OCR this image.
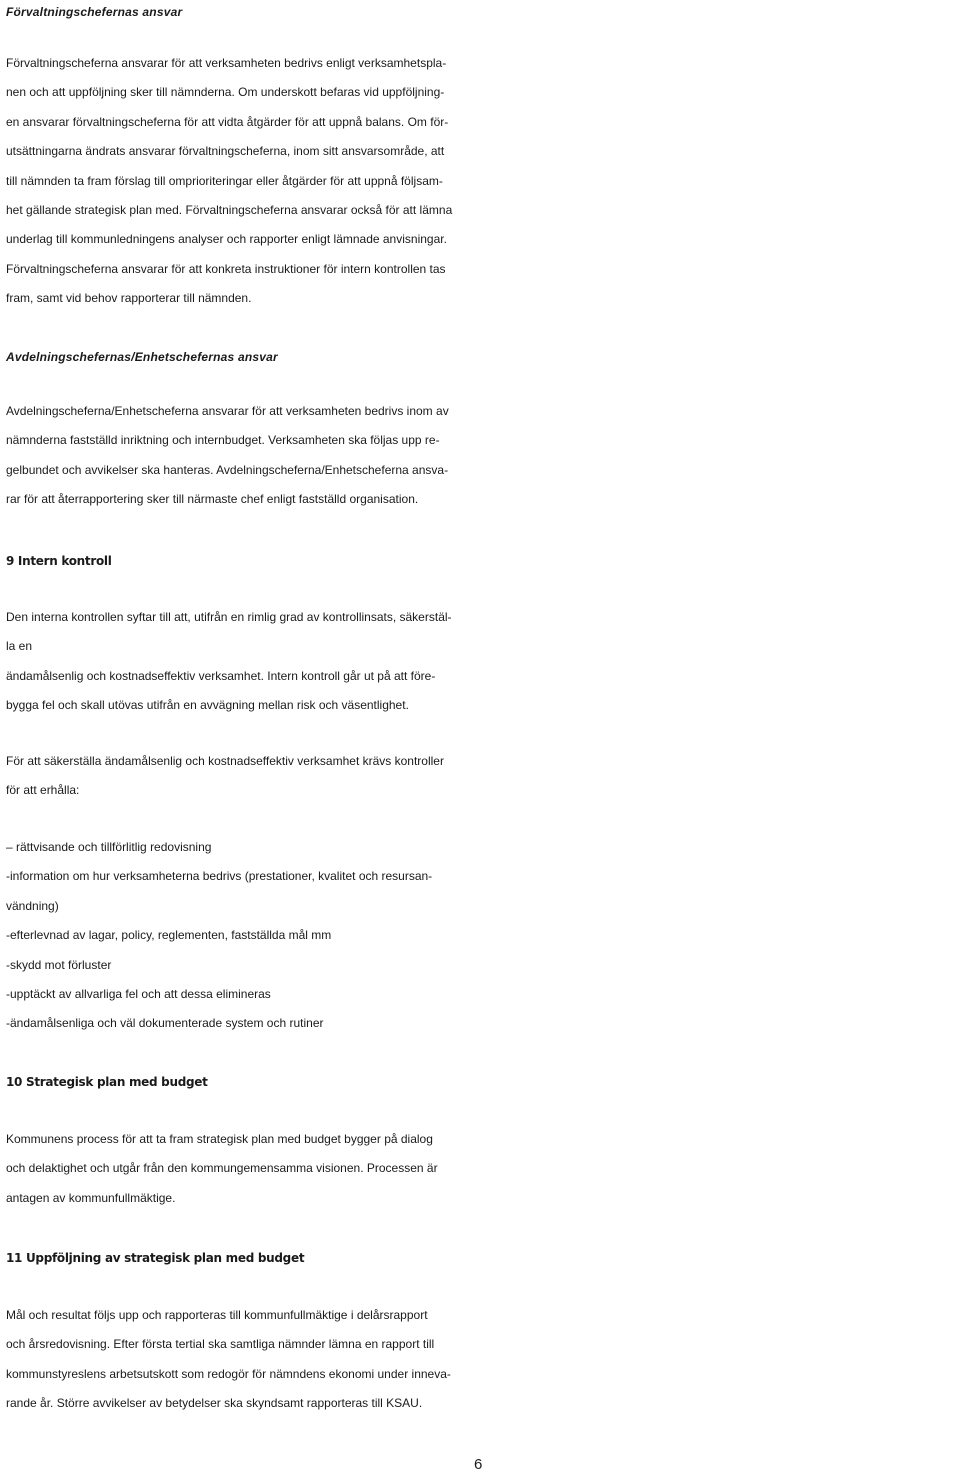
Förvaltningschefernas ansvar
Förvaltningscheferna ansvarar för att verksamheten bedrivs enligt verksamhetspla-
nen och att uppföljning sker till nämnderna. Om underskott befaras vid uppföljning-
en ansvarar förvaltningscheferna för att vidta åtgärder för att uppnå balans. Om för-
utsättningarna ändrats ansvarar förvaltningscheferna, inom sitt ansvarsområde, att
till nämnden ta fram förslag till omprioriteringar eller åtgärder för att uppnå följsam-
het gällande strategisk plan med. Förvaltningscheferna ansvarar också för att lämna
underlag till kommunledningens analyser och rapporter enligt lämnade anvisningar.
Förvaltningscheferna ansvarar för att konkreta instruktioner för intern kontrollen tas
fram, samt vid behov rapporterar till nämnden.
Avdelningschefernas/Enhetschefernas ansvar
Avdelningscheferna/Enhetscheferna ansvarar för att verksamheten bedrivs inom av
nämnderna fastställd inriktning och internbudget. Verksamheten ska följas upp re-
gelbundet och avvikelser ska hanteras. Avdelningscheferna/Enhetscheferna ansva-
rar för att återrapportering sker till närmaste chef enligt fastställd organisation.
9 Intern kontroll
Den interna kontrollen syftar till att, utifrån en rimlig grad av kontrollinsats, säkerstäl-
la en
ändamålsenlig och kostnadseffektiv verksamhet. Intern kontroll går ut på att före-
bygga fel och skall utövas utifrån en avvägning mellan risk och väsentlighet.
För att säkerställa ändamålsenlig och kostnadseffektiv verksamhet krävs kontroller
för att erhålla:
– rättvisande och tillförlitlig redovisning
-information om hur verksamheterna bedrivs (prestationer, kvalitet och resursan-
vändning)
-efterlevnad av lagar, policy, reglementen, fastställda mål mm
-skydd mot förluster
-upptäckt av allvarliga fel och att dessa elimineras
-ändamålsenliga och väl dokumenterade system och rutiner
10 Strategisk plan med budget
Kommunens process för att ta fram strategisk plan med budget bygger på dialog
och delaktighet och utgår från den kommungemensamma visionen. Processen är
antagen av kommunfullmäktige.
11 Uppföljning av strategisk plan med budget
Mål och resultat följs upp och rapporteras till kommunfullmäktige i delårsrapport
och årsredovisning. Efter första tertial ska samtliga nämnder lämna en rapport till
kommunstyreslens arbetsutskott som redogör för nämndens ekonomi under inneva-
rande år. Större avvikelser av betydelser ska skyndsamt rapporteras till KSAU.
6
